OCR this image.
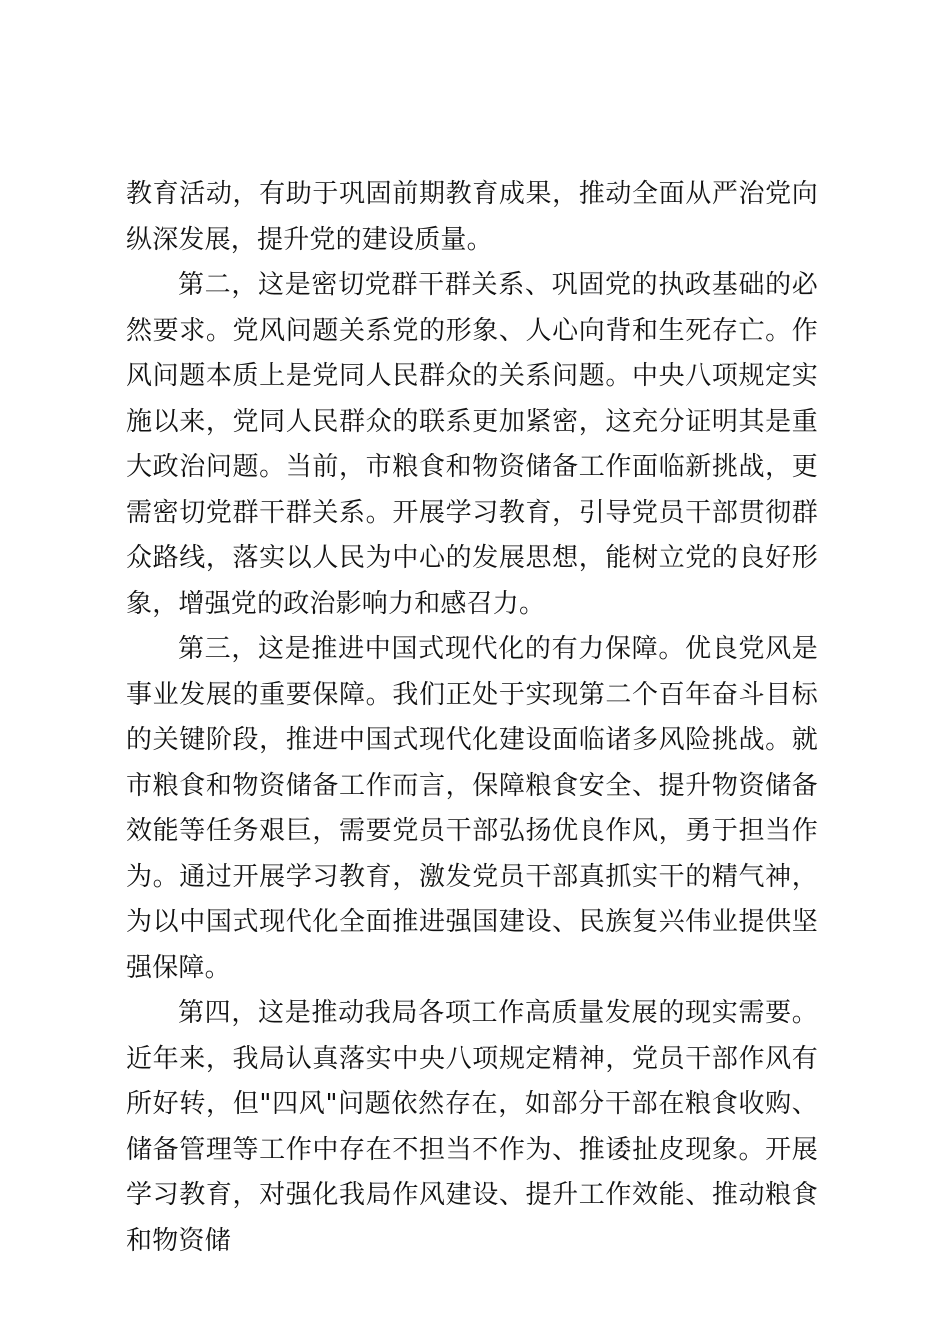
教育活动，有助于巩固前期教育成果，推动全面从严治党向纵深发展，提升党的建设质量。

第二，这是密切党群干群关系、巩固党的执政基础的必然要求。党风问题关系党的形象、人心向背和生死存亡。作风问题本质上是党同人民群众的关系问题。中央八项规定实施以来，党同人民群众的联系更加紧密，这充分证明其是重大政治问题。当前，市粮食和物资储备工作面临新挑战，更需密切党群干群关系。开展学习教育，引导党员干部贯彻群众路线，落实以人民为中心的发展思想，能树立党的良好形象，增强党的政治影响力和感召力。

第三，这是推进中国式现代化的有力保障。优良党风是事业发展的重要保障。我们正处于实现第二个百年奋斗目标的关键阶段，推进中国式现代化建设面临诸多风险挑战。就市粮食和物资储备工作而言，保障粮食安全、提升物资储备效能等任务艰巨，需要党员干部弘扬优良作风，勇于担当作为。通过开展学习教育，激发党员干部真抓实干的精气神，为以中国式现代化全面推进强国建设、民族复兴伟业提供坚强保障。

第四，这是推动我局各项工作高质量发展的现实需要。近年来，我局认真落实中央八项规定精神，党员干部作风有所好转，但"四风"问题依然存在，如部分干部在粮食收购、储备管理等工作中存在不担当不作为、推诿扯皮现象。开展学习教育，对强化我局作风建设、提升工作效能、推动粮食和物资储
